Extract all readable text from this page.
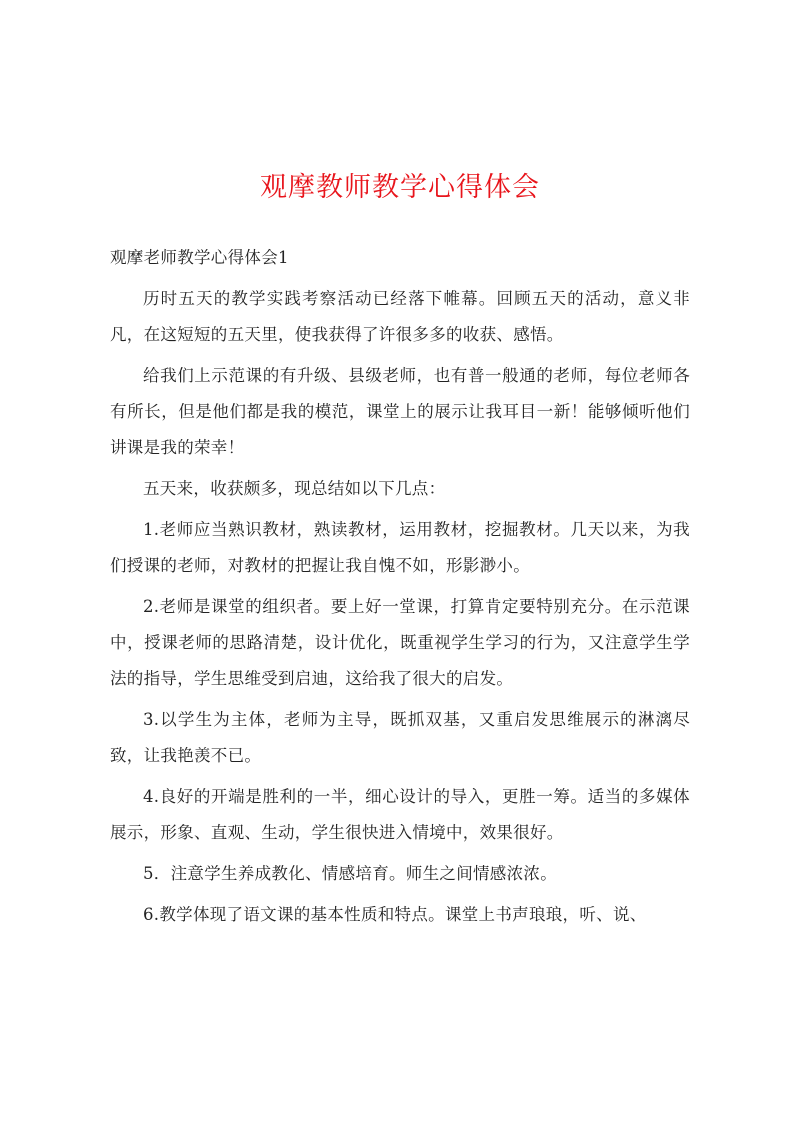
观摩教师教学心得体会

观摩老师教学心得体会1

历时五天的教学实践考察活动已经落下帷幕。回顾五天的活动，意义非凡，在这短短的五天里，使我获得了许很多多的收获、感悟。

给我们上示范课的有升级、县级老师，也有普一般通的老师，每位老师各有所长，但是他们都是我的模范，课堂上的展示让我耳目一新！能够倾听他们讲课是我的荣幸！

五天来，收获颇多，现总结如以下几点：

1.老师应当熟识教材，熟读教材，运用教材，挖掘教材。几天以来，为我们授课的老师，对教材的把握让我自愧不如，形影渺小。

2.老师是课堂的组织者。要上好一堂课，打算肯定要特别充分。在示范课中，授课老师的思路清楚，设计优化，既重视学生学习的行为，又注意学生学法的指导，学生思维受到启迪，这给我了很大的启发。

3.以学生为主体，老师为主导，既抓双基，又重启发思维展示的淋漓尽致，让我艳羡不已。

4.良好的开端是胜利的一半，细心设计的导入，更胜一筹。适当的多媒体展示，形象、直观、生动，学生很快进入情境中，效果很好。

5．注意学生养成教化、情感培育。师生之间情感浓浓。

6.教学体现了语文课的基本性质和特点。课堂上书声琅琅，听、说、
